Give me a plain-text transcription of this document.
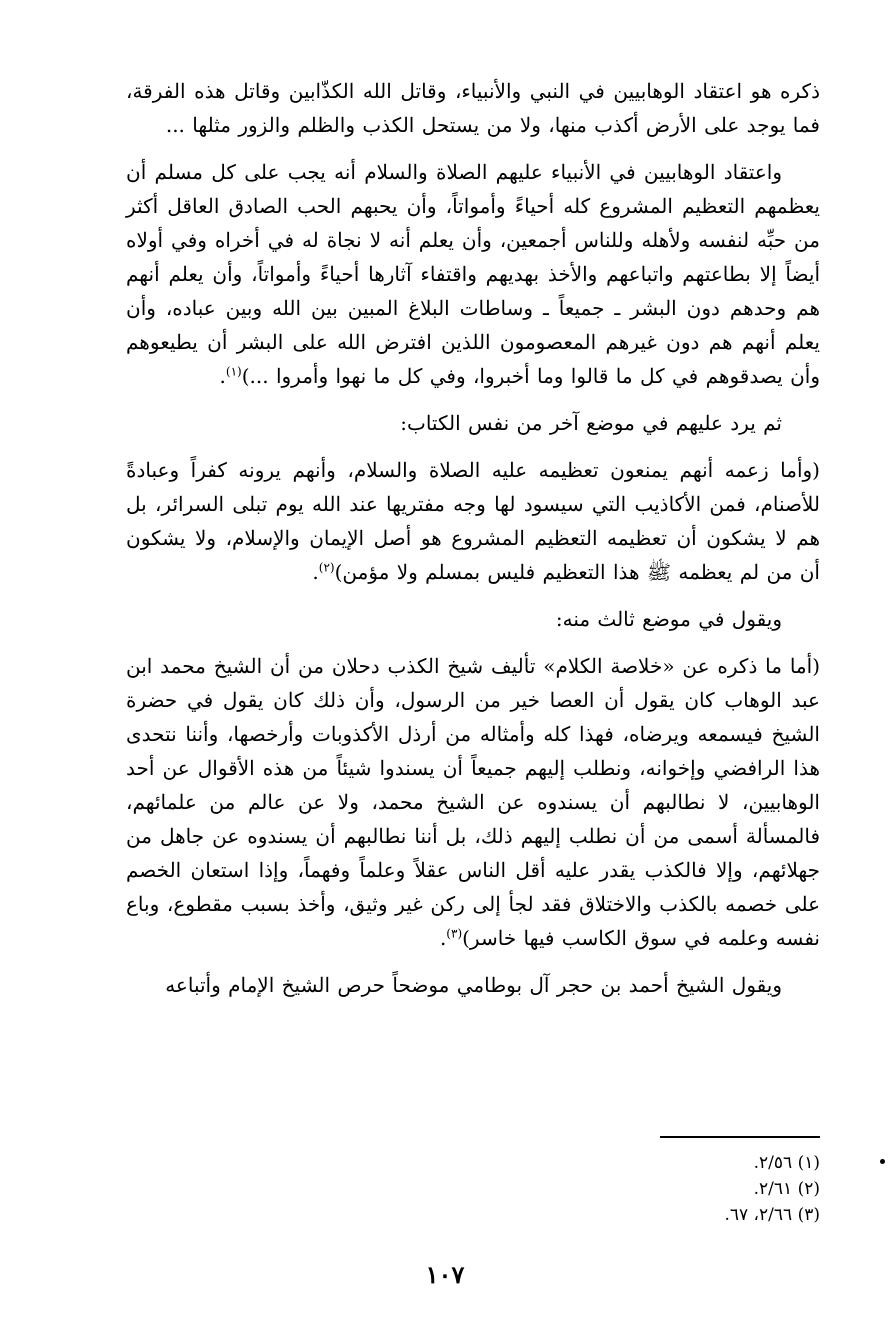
ذكره هو اعتقاد الوهابيين في النبي والأنبياء، وقاتل الله الكذّابين وقاتل هذه الفرقة، فما يوجد على الأرض أكذب منها، ولا من يستحل الكذب والظلم والزور مثلها ...

واعتقاد الوهابيين في الأنبياء عليهم الصلاة والسلام أنه يجب على كل مسلم أن يعظمهم التعظيم المشروع كله أحياءً وأمواتاً، وأن يحبهم الحب الصادق العاقل أكثر من حبِّه لنفسه ولأهله وللناس أجمعين، وأن يعلم أنه لا نجاة له في أخراه وفي أولاه أيضاً إلا بطاعتهم واتباعهم والأخذ بهديهم واقتفاء آثارها أحياءً وأمواتاً، وأن يعلم أنهم هم وحدهم دون البشر ـ جميعاً ـ وساطات البلاغ المبين بين الله وبين عباده، وأن يعلم أنهم هم دون غيرهم المعصومون اللذين افترض الله على البشر أن يطيعوهم وأن يصدقوهم في كل ما قالوا وما أخبروا، وفي كل ما نهوا وأمروا ...)$^{(١)}$.

ثم يرد عليهم في موضع آخر من نفس الكتاب:

(وأما زعمه أنهم يمنعون تعظيمه عليه الصلاة والسلام، وأنهم يرونه كفراً وعبادةً للأصنام، فمن الأكاذيب التي سيسود لها وجه مفتريها عند الله يوم تبلى السرائر، بل هم لا يشكون أن تعظيمه التعظيم المشروع هو أصل الإيمان والإسلام، ولا يشكون أن من لم يعظمه ﷺ هذا التعظيم فليس بمسلم ولا مؤمن)$^{(٢)}$.

ويقول في موضع ثالث منه:

(أما ما ذكره عن «خلاصة الكلام» تأليف شيخ الكذب دحلان من أن الشيخ محمد ابن عبد الوهاب كان يقول أن العصا خير من الرسول، وأن ذلك كان يقول في حضرة الشيخ فيسمعه ويرضاه، فهذا كله وأمثاله من أرذل الأكذوبات وأرخصها، وأننا نتحدى هذا الرافضي وإخوانه، ونطلب إليهم جميعاً أن يسندوا شيئاً من هذه الأقوال عن أحد الوهابيين، لا نطالبهم أن يسندوه عن الشيخ محمد، ولا عن عالم من علمائهم، فالمسألة أسمى من أن نطلب إليهم ذلك، بل أننا نطالبهم أن يسندوه عن جاهل من جهلائهم، وإلا فالكذب يقدر عليه أقل الناس عقلاً وعلماً وفهماً، وإذا استعان الخصم على خصمه بالكذب والاختلاق فقد لجأ إلى ركن غير وثيق، وأخذ بسبب مقطوع، وباع نفسه وعلمه في سوق الكاسب فيها خاسر)$^{(٣)}$.

ويقول الشيخ أحمد بن حجر آل بوطامي موضحاً حرص الشيخ الإمام وأتباعه

(١) ٢/٥٦.
(٢) ٢/٦١.
(٣) ٢/٦٦، ٦٧.
١٠٧
